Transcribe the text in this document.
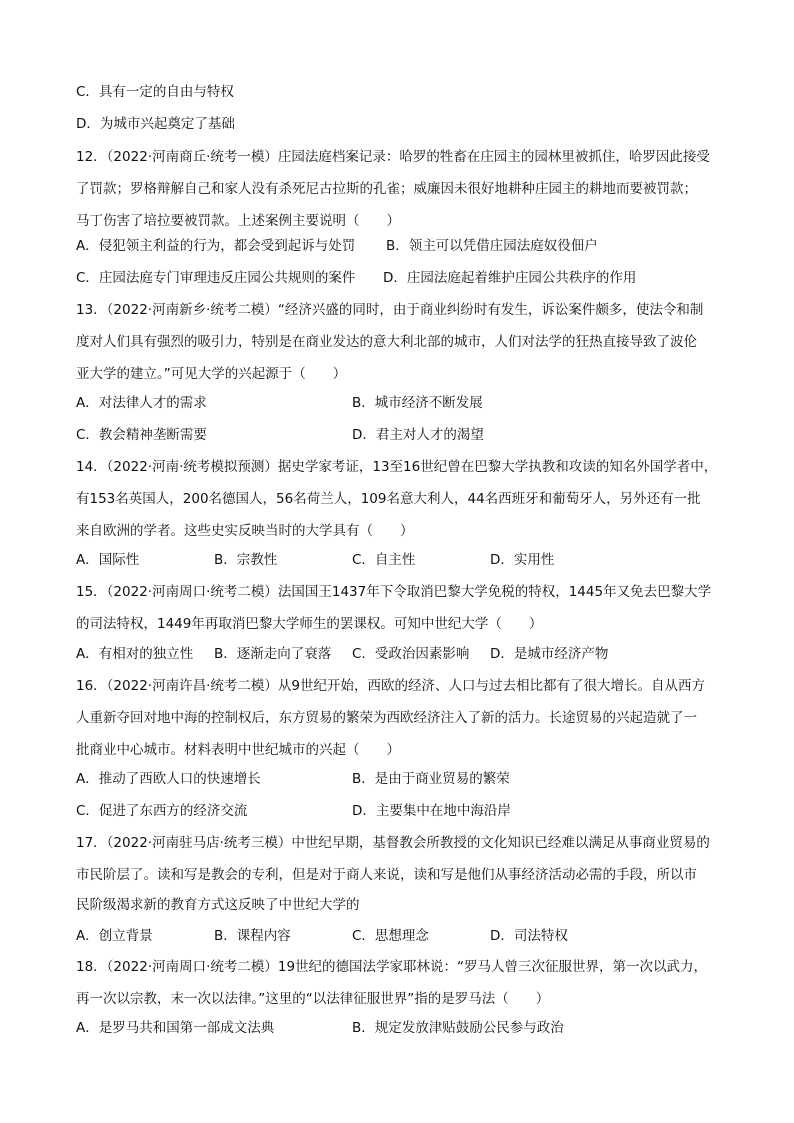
C．具有一定的自由与特权
D．为城市兴起奠定了基础
12．（2022·河南商丘·统考一模）庄园法庭档案记录：哈罗的牲畜在庄园主的园林里被抓住，哈罗因此接受
了罚款；罗格辩解自己和家人没有杀死尼古拉斯的孔雀；威廉因未很好地耕种庄园主的耕地而要被罚款；
马丁伤害了培拉要被罚款。上述案例主要说明（　　）
A．侵犯领主利益的行为，都会受到起诉与处罚 B．领主可以凭借庄园法庭奴役佃户
C．庄园法庭专门审理违反庄园公共规则的案件 D．庄园法庭起着维护庄园公共秩序的作用
13．（2022·河南新乡·统考二模）“经济兴盛的同时，由于商业纠纷时有发生，诉讼案件颇多，使法令和制
度对人们具有强烈的吸引力，特别是在商业发达的意大利北部的城市，人们对法学的狂热直接导致了波伦
亚大学的建立。”可见大学的兴起源于（　　）
A．对法律人才的需求	B．城市经济不断发展
C．教会精神垄断需要	D．君主对人才的渴望
14．（2022·河南·统考模拟预测）据史学家考证，13至16世纪曾在巴黎大学执教和攻读的知名外国学者中，
有153名英国人，200名德国人，56名荷兰人，109名意大利人，44名西班牙和葡萄牙人，另外还有一批
来自欧洲的学者。这些史实反映当时的大学具有（　　）
A．国际性	B．宗教性	C．自主性	D．实用性
15．（2022·河南周口·统考二模）法国国王1437年下令取消巴黎大学免税的特权，1445年又免去巴黎大学
的司法特权，1449年再取消巴黎大学师生的罢课权。可知中世纪大学（　　）
A．有相对的独立性 B．逐渐走向了衰落 C．受政治因素影响 D．是城市经济产物
16．（2022·河南许昌·统考二模）从9世纪开始，西欧的经济、人口与过去相比都有了很大增长。自从西方
人重新夺回对地中海的控制权后，东方贸易的繁荣为西欧经济注入了新的活力。长途贸易的兴起造就了一
批商业中心城市。材料表明中世纪城市的兴起（　　）
A．推动了西欧人口的快速增长	B．是由于商业贸易的繁荣
C．促进了东西方的经济交流	D．主要集中在地中海沿岸
17．（2022·河南驻马店·统考三模）中世纪早期，基督教会所教授的文化知识已经难以满足从事商业贸易的
市民阶层了。读和写是教会的专利，但是对于商人来说，读和写是他们从事经济活动必需的手段，所以市
民阶级渴求新的教育方式这反映了中世纪大学的
A．创立背景	B．课程内容	C．思想理念	D．司法特权
18．（2022·河南周口·统考二模）19世纪的德国法学家耶林说：“罗马人曾三次征服世界，第一次以武力，
再一次以宗教，末一次以法律。”这里的“以法律征服世界”指的是罗马法（　　）
A．是罗马共和国第一部成文法典	B．规定发放津贴鼓励公民参与政治
